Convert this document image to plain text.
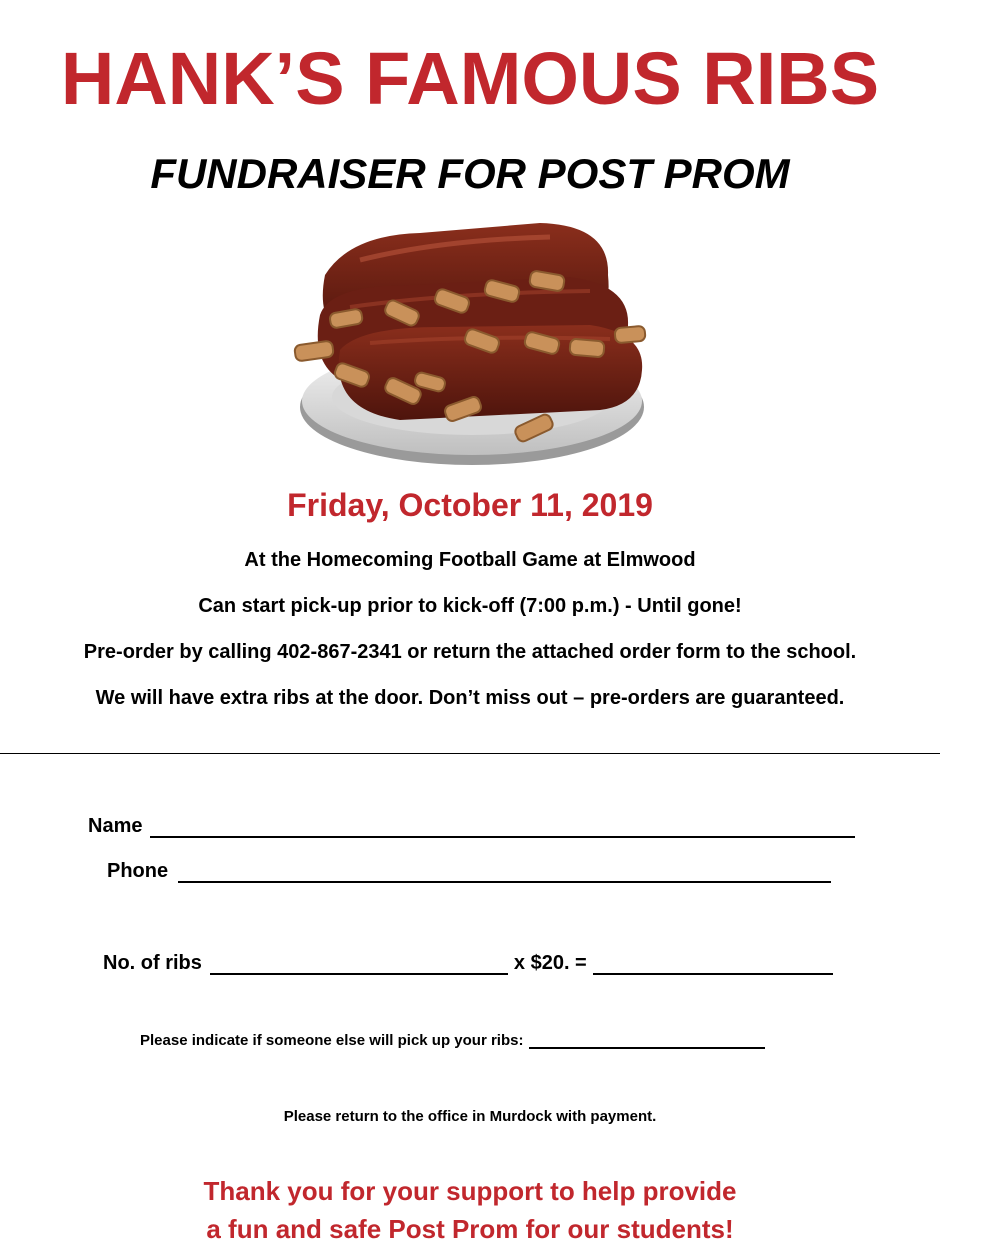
HANK’S FAMOUS RIBS
FUNDRAISER FOR POST PROM
Friday, October 11, 2019
At the Homecoming Football Game at Elmwood
Can start pick-up prior to kick-off (7:00 p.m.) - Until gone!
Pre-order by calling 402-867-2341 or return the attached order form to the school.
We will have extra ribs at the door. Don’t miss out – pre-orders are guaranteed.
Name
Phone
No. of ribs	x $20. =
Please indicate if someone else will pick up your ribs:
Please return to the office in Murdock with payment.
Thank you for your support to help provide
a fun and safe Post Prom for our students!
